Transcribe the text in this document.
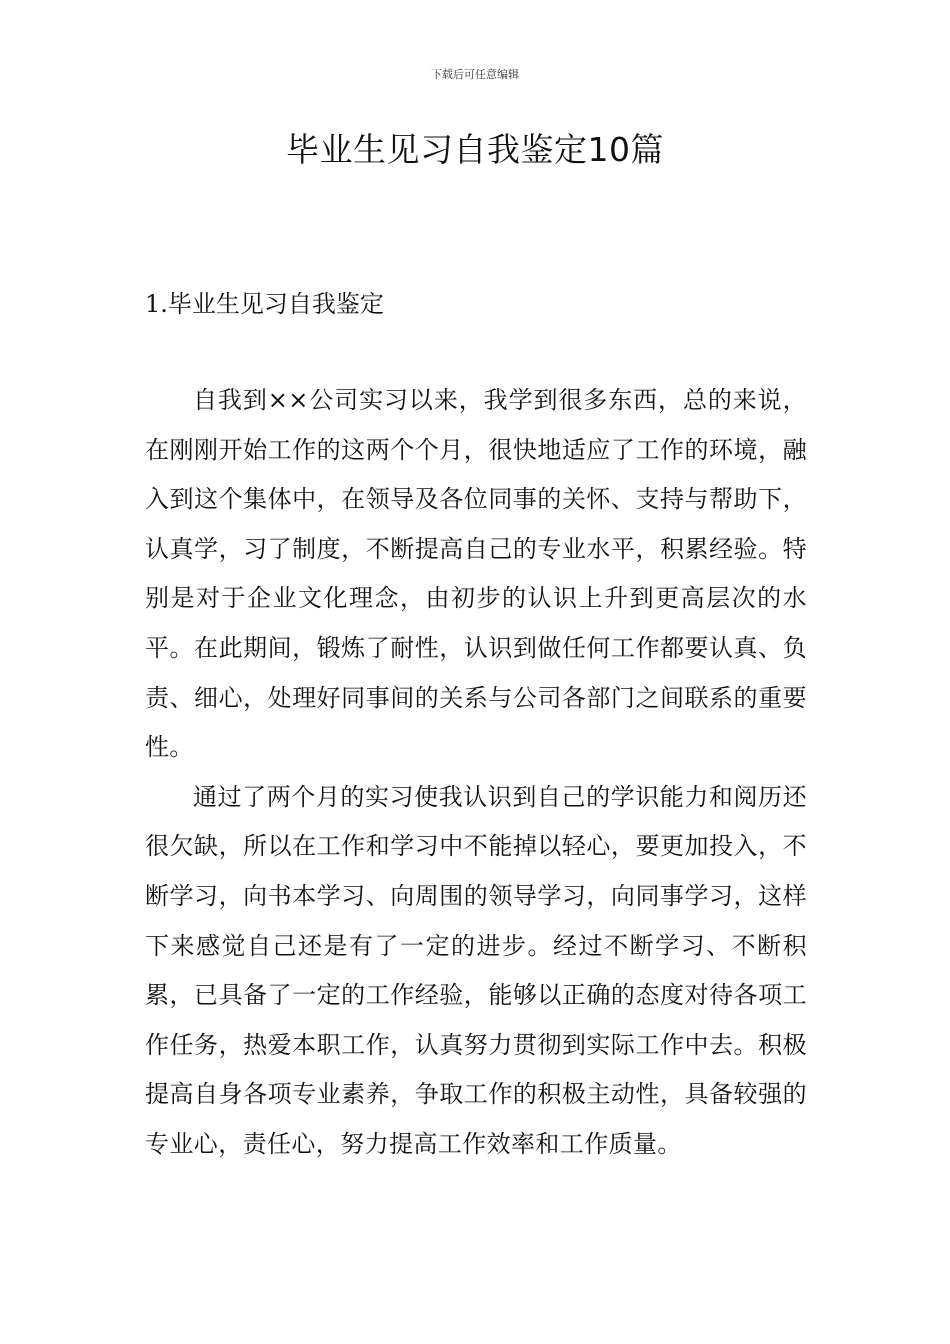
下载后可任意编辑
毕业生见习自我鉴定10篇
1.毕业生见习自我鉴定

自我到××公司实习以来，我学到很多东西，总的来说，在刚刚开始工作的这两个个月，很快地适应了工作的环境，融入到这个集体中，在领导及各位同事的关怀、支持与帮助下，认真学，习了制度，不断提高自己的专业水平，积累经验。特别是对于企业文化理念，由初步的认识上升到更高层次的水平。在此期间，锻炼了耐性，认识到做任何工作都要认真、负责、细心，处理好同事间的关系与公司各部门之间联系的重要性。

通过了两个月的实习使我认识到自己的学识能力和阅历还很欠缺，所以在工作和学习中不能掉以轻心，要更加投入，不断学习，向书本学习、向周围的领导学习，向同事学习，这样下来感觉自己还是有了一定的进步。经过不断学习、不断积累，已具备了一定的工作经验，能够以正确的态度对待各项工作任务，热爱本职工作，认真努力贯彻到实际工作中去。积极提高自身各项专业素养，争取工作的积极主动性，具备较强的专业心，责任心，努力提高工作效率和工作质量。
